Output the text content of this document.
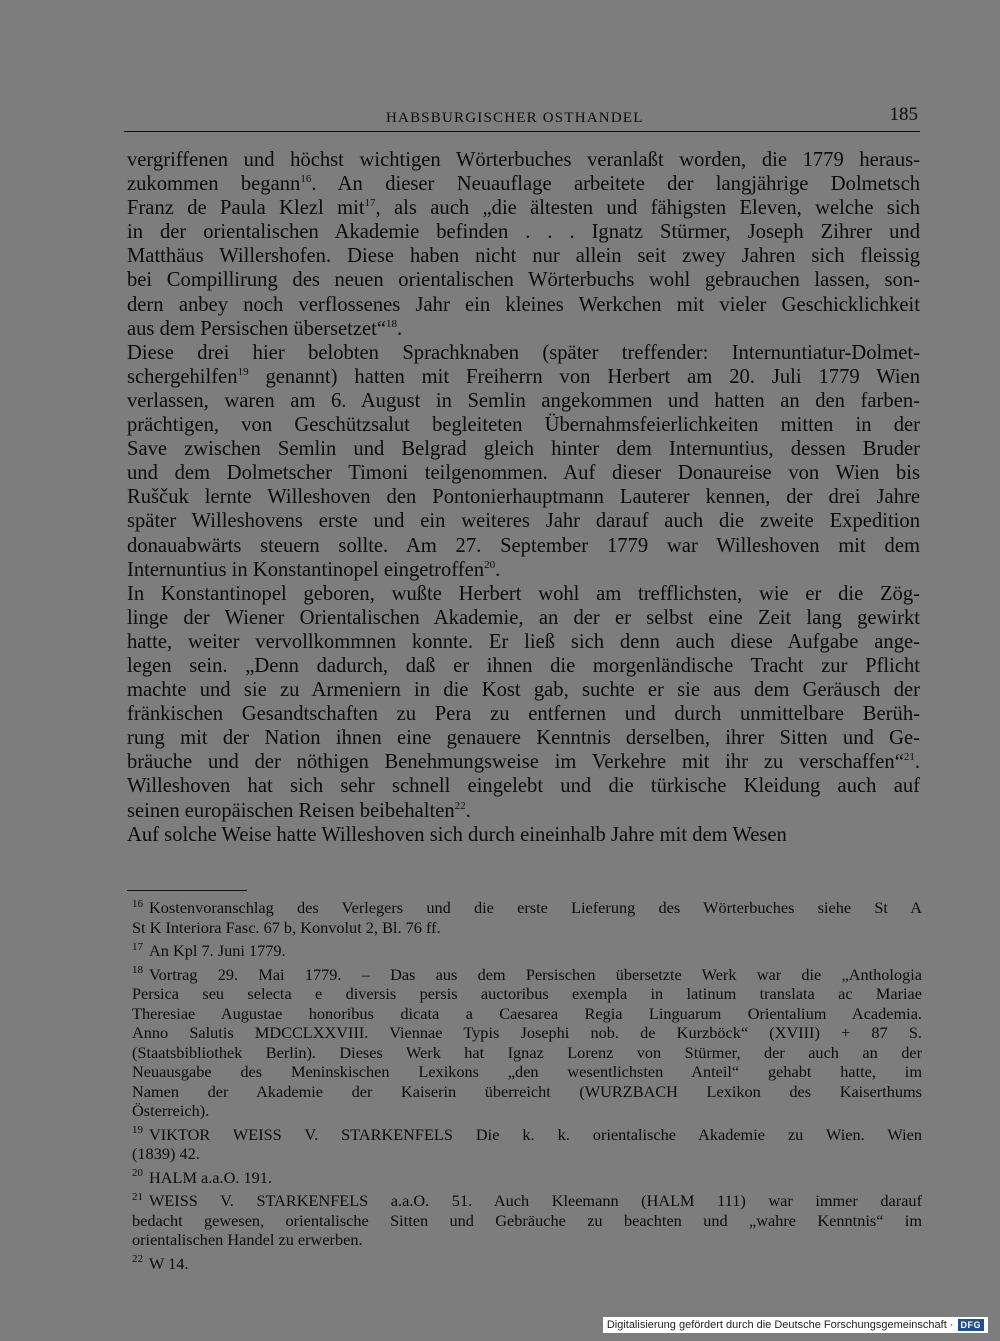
HABSBURGISCHER OSTHANDEL	185
vergriffenen und höchst wichtigen Wörterbuches veranlaßt worden, die 1779 heraus-
zukommen begann$^{16}$. An dieser Neuauflage arbeitete der langjährige Dolmetsch
Franz de Paula Klezl mit$^{17}$, als auch „die ältesten und fähigsten Eleven, welche sich
in der orientalischen Akademie befinden . . . Ignatz Stürmer, Joseph Zihrer und
Matthäus Willershofen. Diese haben nicht nur allein seit zwey Jahren sich fleissig
bei Compillirung des neuen orientalischen Wörterbuchs wohl gebrauchen lassen, son-
dern anbey noch verflossenes Jahr ein kleines Werkchen mit vieler Geschicklichkeit
aus dem Persischen übersetzet“$^{18}$.
Diese drei hier belobten Sprachknaben (später treffender: Internuntiatur-Dolmet-
schergehilfen$^{19}$ genannt) hatten mit Freiherrn von Herbert am 20. Juli 1779 Wien
verlassen, waren am 6. August in Semlin angekommen und hatten an den farben-
prächtigen, von Geschützsalut begleiteten Übernahmsfeierlichkeiten mitten in der
Save zwischen Semlin und Belgrad gleich hinter dem Internuntius, dessen Bruder
und dem Dolmetscher Timoni teilgenommen. Auf dieser Donaureise von Wien bis
Ruščuk lernte Willeshoven den Pontonierhauptmann Lauterer kennen, der drei Jahre
später Willeshovens erste und ein weiteres Jahr darauf auch die zweite Expedition
donauabwärts steuern sollte. Am 27. September 1779 war Willeshoven mit dem
Internuntius in Konstantinopel eingetroffen$^{20}$.
In Konstantinopel geboren, wußte Herbert wohl am trefflichsten, wie er die Zög-
linge der Wiener Orientalischen Akademie, an der er selbst eine Zeit lang gewirkt
hatte, weiter vervollkommnen konnte. Er ließ sich denn auch diese Aufgabe ange-
legen sein. „Denn dadurch, daß er ihnen die morgenländische Tracht zur Pflicht
machte und sie zu Armeniern in die Kost gab, suchte er sie aus dem Geräusch der
fränkischen Gesandtschaften zu Pera zu entfernen und durch unmittelbare Berüh-
rung mit der Nation ihnen eine genauere Kenntnis derselben, ihrer Sitten und Ge-
bräuche und der nöthigen Benehmungsweise im Verkehre mit ihr zu verschaffen“$^{21}$.
Willeshoven hat sich sehr schnell eingelebt und die türkische Kleidung auch auf
seinen europäischen Reisen beibehalten$^{22}$.
Auf solche Weise hatte Willeshoven sich durch eineinhalb Jahre mit dem Wesen
$^{16}$ Kostenvoranschlag des Verlegers und die erste Lieferung des Wörterbuches siehe St A
St K Interiora Fasc. 67 b, Konvolut 2, Bl. 76 ff.
$^{17}$ An Kpl 7. Juni 1779.
$^{18}$ Vortrag 29. Mai 1779. – Das aus dem Persischen übersetzte Werk war die „Anthologia
Persica seu selecta e diversis persis auctoribus exempla in latinum translata ac Mariae
Theresiae Augustae honoribus dicata a Caesarea Regia Linguarum Orientalium Academia.
Anno Salutis MDCCLXXVIII. Viennae Typis Josephi nob. de Kurzböck“ (XVIII) + 87 S.
(Staatsbibliothek Berlin). Dieses Werk hat Ignaz Lorenz von Stürmer, der auch an der
Neuausgabe des Meninskischen Lexikons „den wesentlichsten Anteil“ gehabt hatte, im
Namen der Akademie der Kaiserin überreicht (WURZBACH Lexikon des Kaiserthums
Österreich).
$^{19}$ VIKTOR WEISS V. STARKENFELS Die k. k. orientalische Akademie zu Wien. Wien
(1839) 42.
$^{20}$ HALM a.a.O. 191.
$^{21}$ WEISS V. STARKENFELS a.a.O. 51. Auch Kleemann (HALM 111) war immer darauf
bedacht gewesen, orientalische Sitten und Gebräuche zu beachten und „wahre Kenntnis“ im
orientalischen Handel zu erwerben.
$^{22}$ W 14.
Digitalisierung gefördert durch die Deutsche Forschungsgemeinschaft · DFG
